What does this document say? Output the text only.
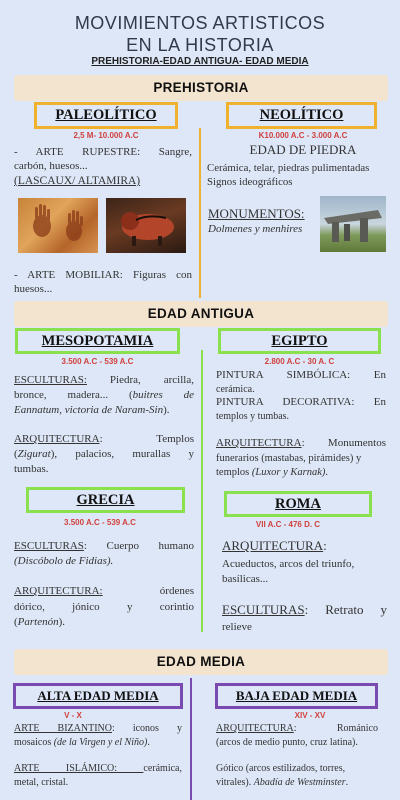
MOVIMIENTOS ARTISTICOS
EN LA HISTORIA
PREHISTORIA-EDAD ANTIGUA- EDAD MEDIA
PREHISTORIA
PALEOLÍTICO
2,5 M- 10.000 A.C
- ARTE RUPESTRE: Sangre,
carbón, huesos...
(LASCAUX/ ALTAMIRA)
- ARTE MOBILIAR: Figuras con
huesos...
NEOLÍTICO
K10.000 A.C - 3.000 A.C
EDAD DE PIEDRA
Cerámica, telar, piedras pulimentadas
Signos ideográficos
MONUMENTOS:
Dolmenes y menhires
EDAD ANTIGUA
MESOPOTAMIA
3.500 A.C - 539 A.C
ESCULTURAS: Piedra, arcilla,
bronce, madera... (buitres de
Eannatum, victoria de Naram-Sin).
ARQUITECTURA: Templos
(Zigurat), palacios, murallas y
tumbas.
EGIPTO
2.800 A.C - 30 A. C
PINTURA SIMBÓLICA: En
cerámica.
PINTURA DECORATIVA: En
templos y tumbas.
ARQUITECTURA: Monumentos
funerarios (mastabas, pirámides) y
templos (Luxor y Karnak).
GRECIA
3.500 A.C - 539 A.C
ESCULTURAS: Cuerpo humano
(Discóbolo de Fidias).
ARQUITECTURA: órdenes
dórico, jónico y corintio
(Partenón).
ROMA
VII A.C - 476 D. C
ARQUITECTURA:
Acueductos, arcos del triunfo,
basílicas...
ESCULTURAS: Retrato y
relieve
EDAD MEDIA
ALTA EDAD MEDIA
V - X
ARTE BIZANTINO: iconos y
mosaicos (de la Virgen y el Niño).
ARTE ISLÁMICO: cerámica,
metal, cristal.
BAJA EDAD MEDIA
XIV - XV
ARQUITECTURA: Románico
(arcos de medio punto, cruz latina).
Gótico (arcos estilizados, torres,
vitrales). Abadía de Westminster.
